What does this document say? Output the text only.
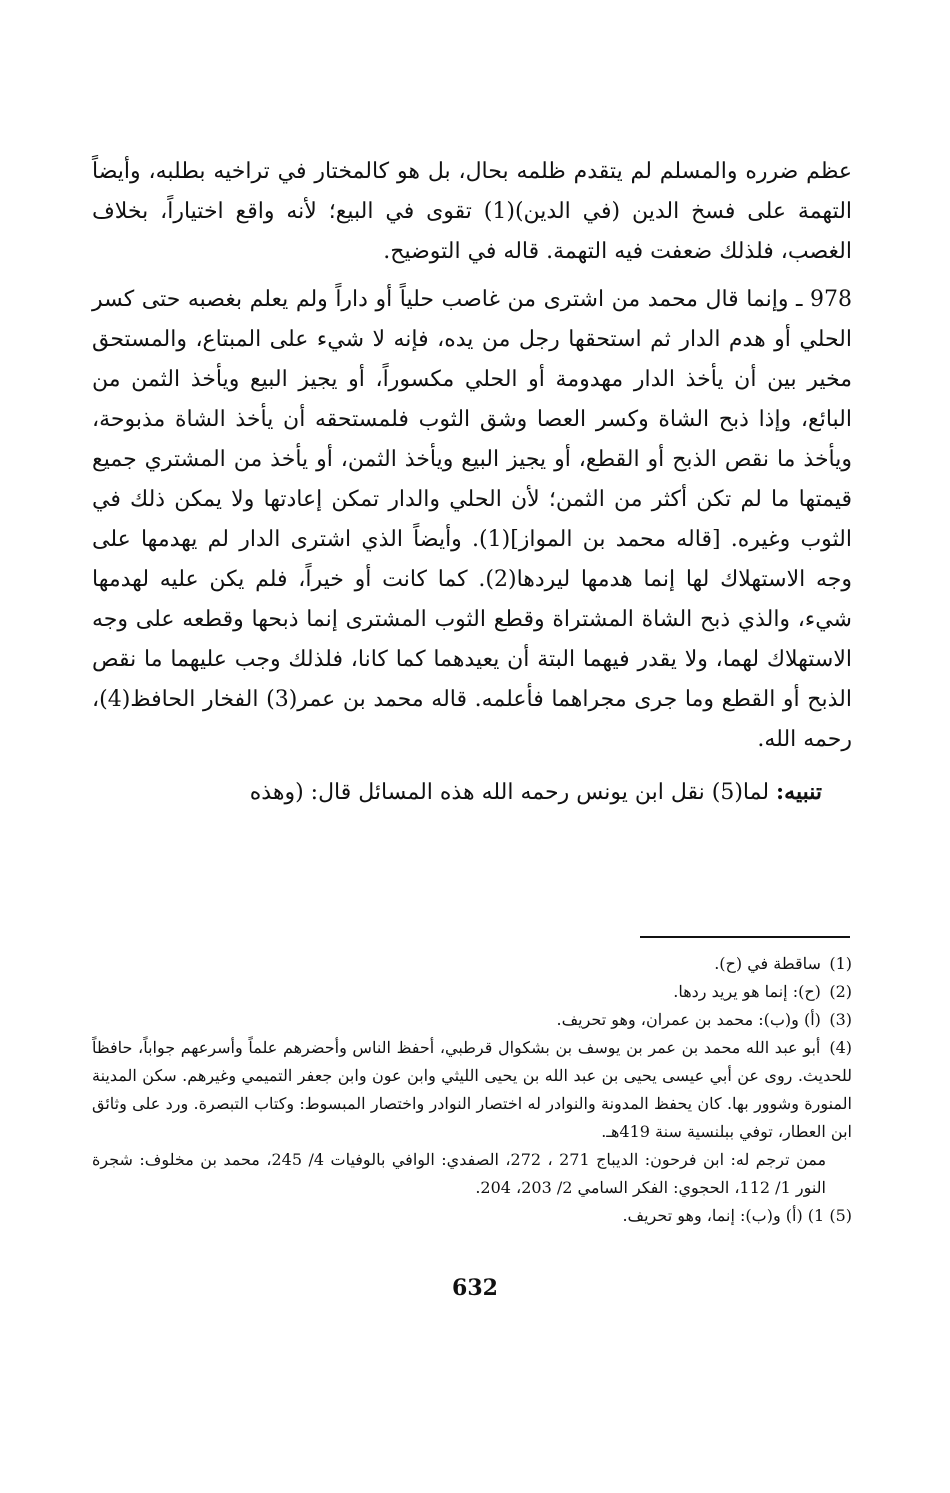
عظم ضرره والمسلم لم يتقدم ظلمه بحال، بل هو كالمختار في تراخيه بطلبه، وأيضاً التهمة على فسخ الدين (في الدين)(1) تقوى في البيع؛ لأنه واقع اختياراً، بخلاف الغصب، فلذلك ضعفت فيه التهمة. قاله في التوضيح.

978 ـ وإنما قال محمد من اشترى من غاصب حلياً أو داراً ولم يعلم بغصبه حتى كسر الحلي أو هدم الدار ثم استحقها رجل من يده، فإنه لا شيء على المبتاع، والمستحق مخير بين أن يأخذ الدار مهدومة أو الحلي مكسوراً، أو يجيز البيع ويأخذ الثمن من البائع، وإذا ذبح الشاة وكسر العصا وشق الثوب فلمستحقه أن يأخذ الشاة مذبوحة، ويأخذ ما نقص الذبح أو القطع، أو يجيز البيع ويأخذ الثمن، أو يأخذ من المشتري جميع قيمتها ما لم تكن أكثر من الثمن؛ لأن الحلي والدار تمكن إعادتها ولا يمكن ذلك في الثوب وغيره. [قاله محمد بن المواز](1). وأيضاً الذي اشترى الدار لم يهدمها على وجه الاستهلاك لها إنما هدمها ليردها(2). كما كانت أو خيراً، فلم يكن عليه لهدمها شيء، والذي ذبح الشاة المشتراة وقطع الثوب المشترى إنما ذبحها وقطعه على وجه الاستهلاك لهما، ولا يقدر فيهما البتة أن يعيدهما كما كانا، فلذلك وجب عليهما ما نقص الذبح أو القطع وما جرى مجراهما فأعلمه. قاله محمد بن عمر(3) الفخار الحافظ(4)، رحمه الله.

تنبيه: لما(5) نقل ابن يونس رحمه الله هذه المسائل قال: (وهذه

(1) ساقطة في (ح).

(2) (ح): إنما هو يريد ردها.

(3) (أ) و(ب): محمد بن عمران، وهو تحريف.

(4) أبو عبد الله محمد بن عمر بن يوسف بن بشكوال قرطبي، أحفظ الناس وأحضرهم علماً وأسرعهم جواباً، حافظاً للحديث. روى عن أبي عيسى يحيى بن عبد الله بن يحيى الليثي وابن عون وابن جعفر التميمي وغيرهم. سكن المدينة المنورة وشوور بها. كان يحفظ المدونة والنوادر له اختصار النوادر واختصار المبسوط: وكتاب التبصرة. ورد على وثائق ابن العطار، توفي ببلنسية سنة 419هـ.

ممن ترجم له: ابن فرحون: الديباج 271 ، 272، الصفدي: الوافي بالوفيات 4/ 245، محمد بن مخلوف: شجرة النور 1/ 112، الحجوي: الفكر السامي 2/ 203، 204.

(5) 1) (أ) و(ب): إنما، وهو تحريف.

632
